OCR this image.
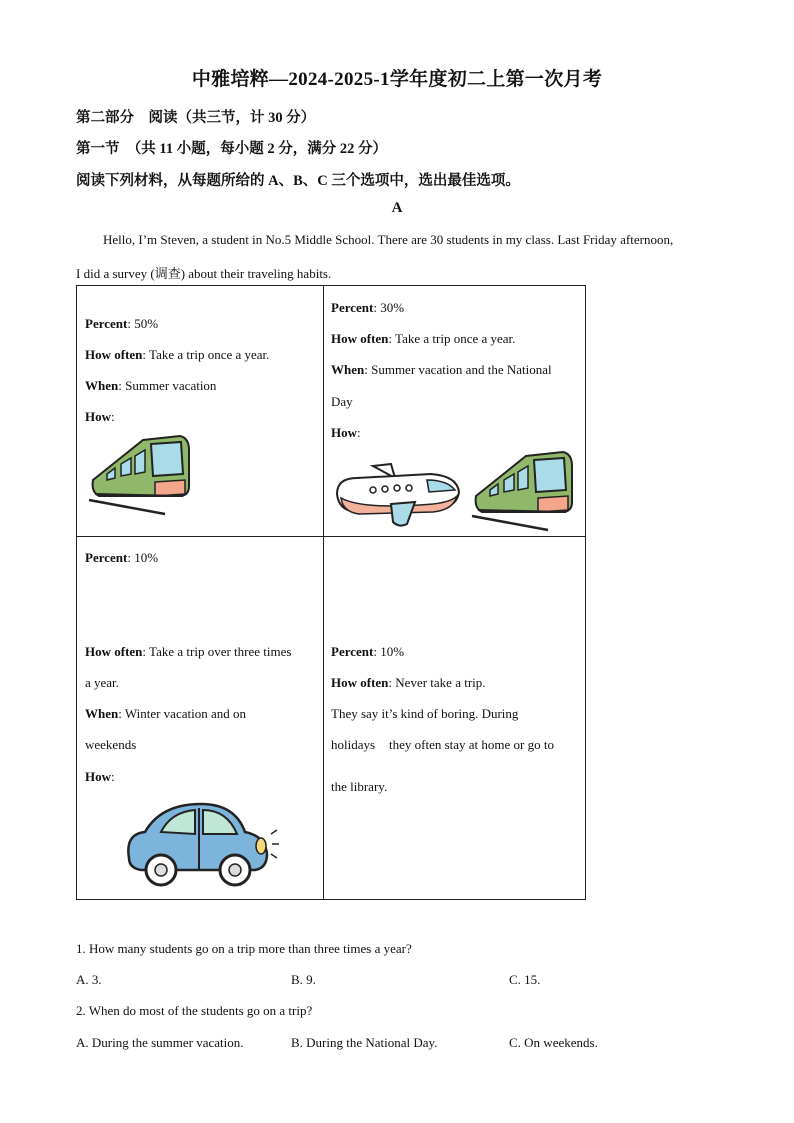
中雅培粹—2024-2025-1学年度初二上第一次月考
第二部分　阅读（共三节，计 30 分）
第一节　（共 11 小题，每小题 2 分，满分 22 分）
阅读下列材料，从每题所给的 A、B、C 三个选项中，选出最佳选项。
A
Hello, I’m Steven, a student in No.5 Middle School. There are 30 students in my class. Last Friday afternoon,
I did a survey (调查) about their traveling habits.
Percent: 50%
How often: Take a trip once a year.
When: Summer vacation
How:
Percent: 30%
How often: Take a trip once a year.
When: Summer vacation and the National
Day
How:
Percent: 10%
How often: Take a trip over three times
a year.
When: Winter vacation and on
weekends
How:
Percent: 10%
How often: Never take a trip.
They say it’s kind of boring. During
holidays they often stay at home or go to
the library.
1. How many students go on a trip more than three times a year?
A. 3.	B. 9.	C. 15.
2. When do most of the students go on a trip?
A. During the summer vacation.	B. During the National Day.	C. On weekends.
